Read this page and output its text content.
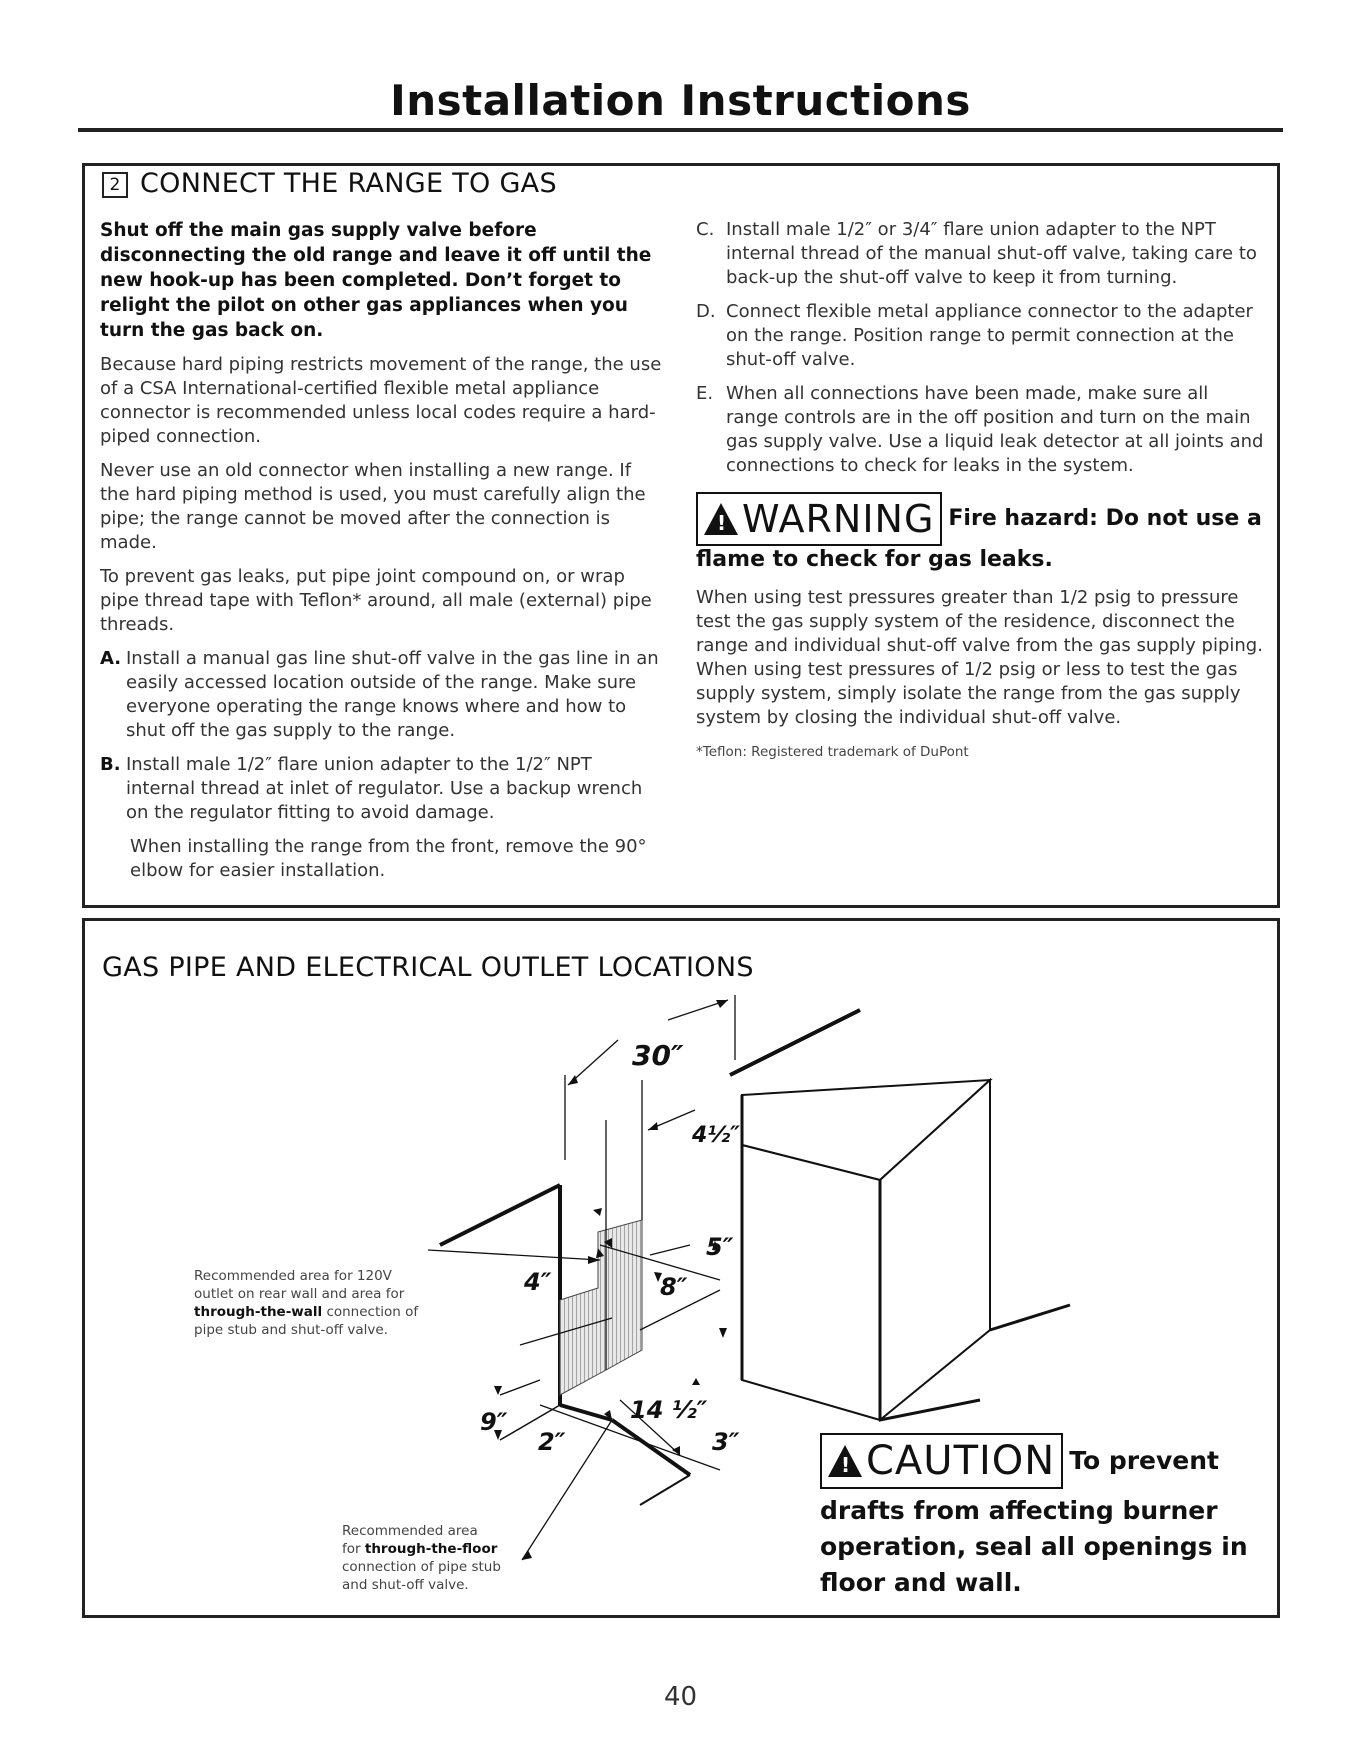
Installation Instructions
2 CONNECT THE RANGE TO GAS

Shut off the main gas supply valve before disconnecting the old range and leave it off until the new hook-up has been completed. Don’t forget to relight the pilot on other gas appliances when you turn the gas back on.

Because hard piping restricts movement of the range, the use of a CSA International-certified flexible metal appliance connector is recommended unless local codes require a hard-piped connection.

Never use an old connector when installing a new range. If the hard piping method is used, you must carefully align the pipe; the range cannot be moved after the connection is made.

To prevent gas leaks, put pipe joint compound on, or wrap pipe thread tape with Teflon* around, all male (external) pipe threads.

A. Install a manual gas line shut-off valve in the gas line in an easily accessed location outside of the range. Make sure everyone operating the range knows where and how to shut off the gas supply to the range.
B. Install male 1/2″ flare union adapter to the 1/2″ NPT internal thread at inlet of regulator. Use a backup wrench on the regulator fitting to avoid damage.

When installing the range from the front, remove the 90° elbow for easier installation.

C. Install male 1/2″ or 3/4″ flare union adapter to the NPT internal thread of the manual shut-off valve, taking care to back-up the shut-off valve to keep it from turning.
D. Connect flexible metal appliance connector to the adapter on the range. Position range to permit connection at the shut-off valve.
E. When all connections have been made, make sure all range controls are in the off position and turn on the main gas supply valve. Use a liquid leak detector at all joints and connections to check for leaks in the system.
!
WARNING Fire hazard: Do not use a
flame to check for gas leaks.

When using test pressures greater than 1/2 psig to pressure test the gas supply system of the residence, disconnect the range and individual shut-off valve from the gas supply piping. When using test pressures of 1/2 psig or less to test the gas supply system, simply isolate the range from the gas supply system by closing the individual shut-off valve.

*Teflon: Registered trademark of DuPont
GAS PIPE AND ELECTRICAL OUTLET LOCATIONS
30″
4½″
5″
8″
4″
14 ½″
9″
2″	3″
Recommended area for 120V
outlet on rear wall and area for
through-the-wall connection of
pipe stub and shut-off valve.
Recommended area
for through-the-floor
connection of pipe stub
and shut-off valve.
!
CAUTION To prevent
drafts from affecting burner operation, seal all openings in floor and wall.
40
